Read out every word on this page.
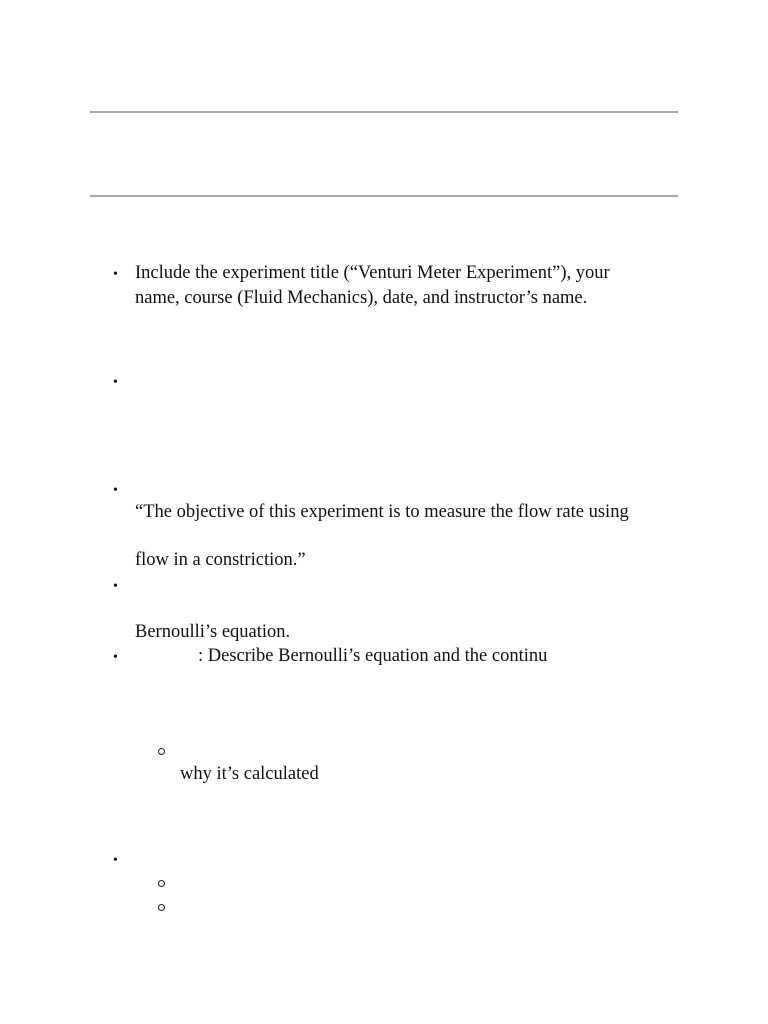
• Include the experiment title (“Venturi Meter Experiment”), your
name, course (Fluid Mechanics), date, and instructor’s name.
•
•
“The objective of this experiment is to measure the flow rate using
flow in a constriction.”
•
Bernoulli’s equation.
•	: Describe Bernoulli’s equation and the continu
why it’s calculated
•
